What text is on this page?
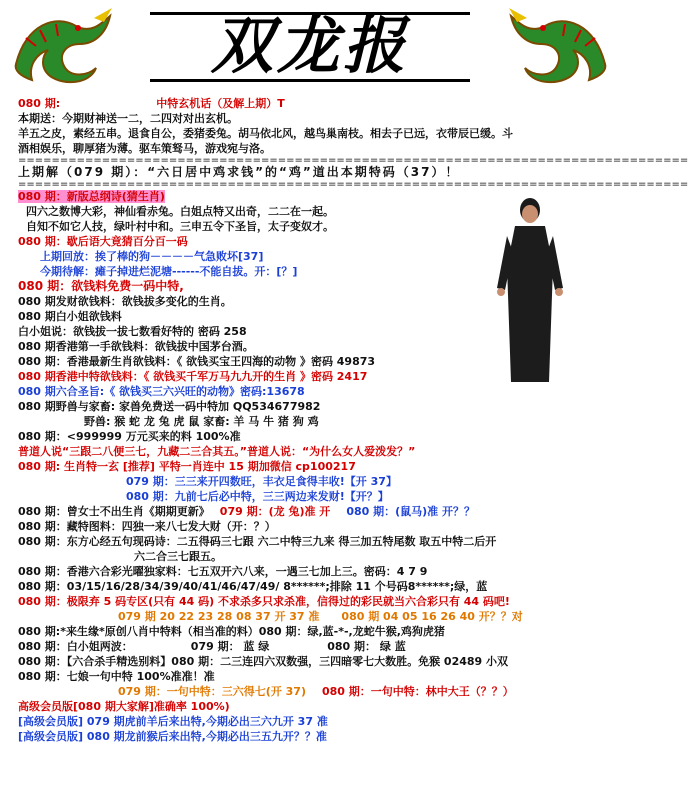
双龙报
080 期:	中特玄机话（及解上期）T
本期送：今期财神送一二，二四对对出玄机。
羊五之皮，素经五串。退食自公，委猪委兔。胡马依北风，越鸟巢南枝。相去子已远，衣带辰已缓。斗
酒相娱乐，聊厚猪为薄。驱车策驽马，游戏宛与洛。
================================================================================
上期解（079 期）：“六日居中鸡求钱”的“鸡”道出本期特码（37）！
================================================================================
080 期：新版总纲诗(猜生肖)
四六之数博大彩，神仙看赤兔。白姐点特又出奇，二二在一起。
自知不如它人技，绿叶村中和。三申五令下圣旨，太子变奴才。
080 期：歇后语大竟猜百分百一码
上期回放：挨了棒的狗－－－－气急败坏[37]
今期待解：瘫子掉进烂泥塘------不能自拔。开：[？]
080 期：欲钱料免费一码中特,
080 期发财欲钱料：欲钱拔多变化的生肖。
080 期白小姐欲钱料
白小姐说：欲钱拔一拔七数看好特的 密码 258
080 期香港第一手欲钱料：欲钱拔中国茅台酒。
080 期：香港最新生肖欲钱料：《 欲钱买宝王四海的动物 》密码 49873
080 期香港中特欲钱料：《 欲钱买千军万马九九开的生肖 》密码 2417
080 期六合圣旨:《 欲钱买三六兴旺的动物》密码:13678
080 期野兽与家畜: 家兽免费送一码中特加 QQ534677982
野兽: 猴 蛇 龙 兔 虎 鼠 家畜: 羊 马 牛 猪 狗 鸡
080 期：<999999 万元买来的料 100%准
普道人说“三跟二八便三七，九藏二三合其五。”普道人说：“为什么女人爱泼发？”
080 期: 生肖特一玄 [推荐] 平特一肖连中 15 期加微信 cp100217
079 期：三三来开四数旺，丰衣足食得丰收!【开 37】
080 期：九前七后必中特，三三两边来发财!【开？】
080 期：曾女士不出生肖《期期更新》 079 期：(龙 兔)准 开 080 期：(鼠马)准 开？？
080 期：藏特图料：四独一来八七发大财（开：？）
080 期：东方心经五句现码诗：二五得码三七跟 六二中特三九来 得三加五特尾数 取五中特二后开
六二合三七跟五。
080 期：香港六合彩光曜独家料：七五双开六八来，一遇三七加上三。密码：4 7 9
080 期：03/15/16/28/34/39/40/41/46/47/49/ 8******;排除 11 个号码8******;绿，蓝
080 期：极限弃 5 码专区(只有 44 码) 不求杀多只求杀准，信得过的彩民就当六合彩只有 44 码吧!
079 期 20 22 23 28 08 37 开 37 准 080 期 04 05 16 26 40 开？？对
080 期:*来生缘*原创八肖中特料（相当准的料）080 期：绿,蓝-*-,龙蛇牛猴,鸡狗虎猪
080 期：白小姐两波：	079 期： 蓝 绿	080 期： 绿 蓝
080 期：【六合杀手精选别料】080 期：二三连四六双数强，三四暗零七大数胜。免猴 02489 小双
080 期：七娘一句中特 100%准准！准
079 期：一句中特：三六得七(开 37) 080 期：一句中特：林中大王（？？）
高级会员版[080 期大家解]准确率 100%)
[高级会员版] 079 期虎前羊后来出特,今期必出三六九开 37 准
[高级会员版] 080 期龙前猴后来出特,今期必出三五九开？？准
